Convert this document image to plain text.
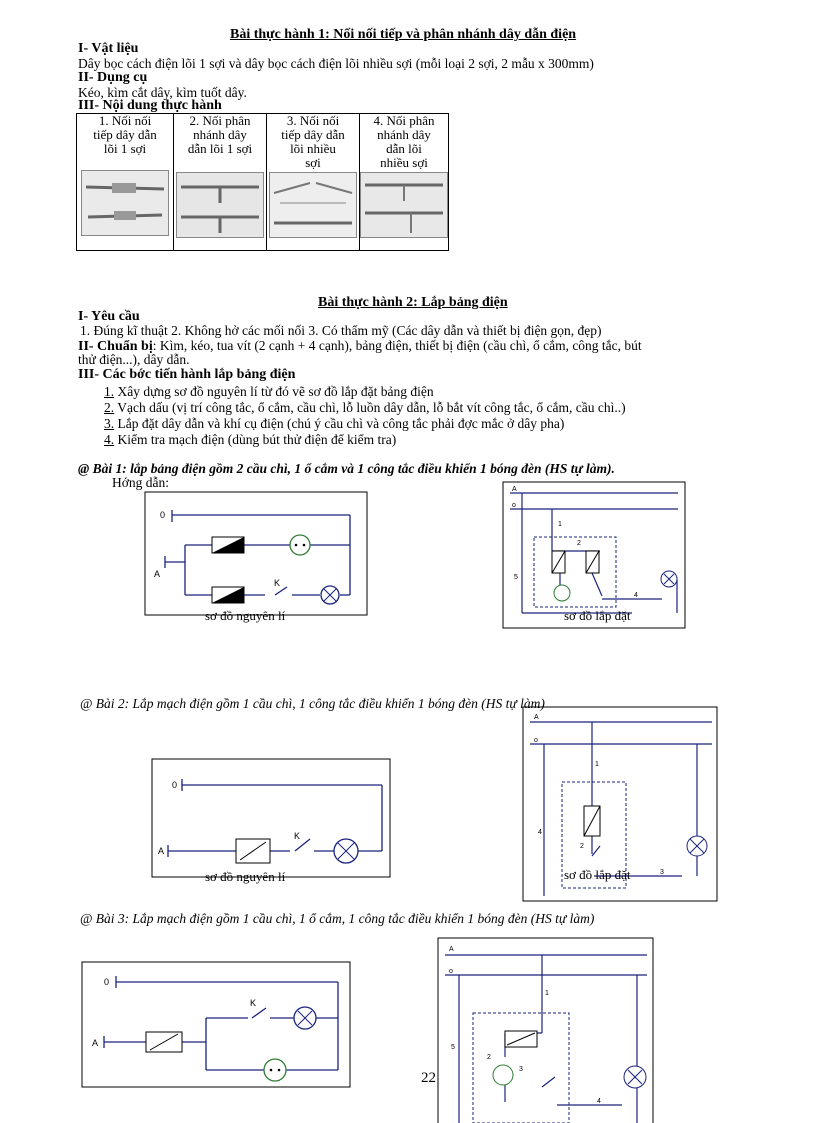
Bài thực hành 1: Nối nối tiếp và phân nhánh dây dẫn điện
I- Vật liệu
Dây bọc cách điện lõi 1 sợi và dây bọc cách điện lõi nhiều sợi (mỗi loại 2 sợi, 2 mẫu x 300mm)
II- Dụng cụ
Kéo, kìm cắt dây, kìm tuốt dây.
III- Nội dung thực hành
1. Nối nối
tiếp dây dẫn
lõi 1 sợi

2. Nối phân
nhánh dây
dẫn lõi 1 sợi

3. Nối nối
tiếp dây dẫn
lõi nhiều
sợi

4. Nối phân
nhánh dây
dẫn lõi
nhiều sợi
Bài thực hành 2: Lắp bảng điện
I- Yêu cầu
1. Đúng kĩ thuật 2. Không hở các mối nối 3. Có thẩm mỹ (Các dây dẫn và thiết bị điện gọn, đẹp)
II- Chuẩn bị: Kìm, kéo, tua vít (2 cạnh + 4 cạnh), bảng điện, thiết bị điện (cầu chì, ổ cắm, công tắc, bút
thử điện...), dây dẫn.
III- Các bớc tiến hành lắp bảng điện
1. Xây dựng sơ đồ nguyên lí từ đó vẽ sơ đồ lắp đặt bảng điện
2. Vạch dấu (vị trí công tắc, ổ cắm, cầu chì, lỗ luồn dây dẫn, lỗ bắt vít công tắc, ổ cắm, cầu chì..)
3. Lắp đặt dây dẫn và khí cụ điện (chú ý cầu chì và công tắc phải đợc mắc ở dây pha)
4. Kiểm tra mạch điện (dùng bút thử điện để kiểm tra)
@ Bài 1: lắp bảng điện gồm 2 cầu chì, 1 ổ cắm và 1 công tắc điều khiển 1 bóng đèn (HS tự làm).
Hớng dẫn:
0
A
K
sơ đồ nguyên lí
A
o
1
2
5
4
sơ đồ lắp đặt
@ Bài 2: Lắp mạch điện gồm 1 cầu chì, 1 công tắc điều khiển 1 bóng đèn (HS tự làm)
0
A
K
sơ đồ nguyên lí
A
o
1
2
4
3
sơ đồ lắp đặt
@ Bài 3: Lắp mạch điện gồm 1 cầu chì, 1 ổ cắm, 1 công tắc điều khiển 1 bóng đèn (HS tự làm)
0
A
K
A
o
1
2
3
5
4
22
